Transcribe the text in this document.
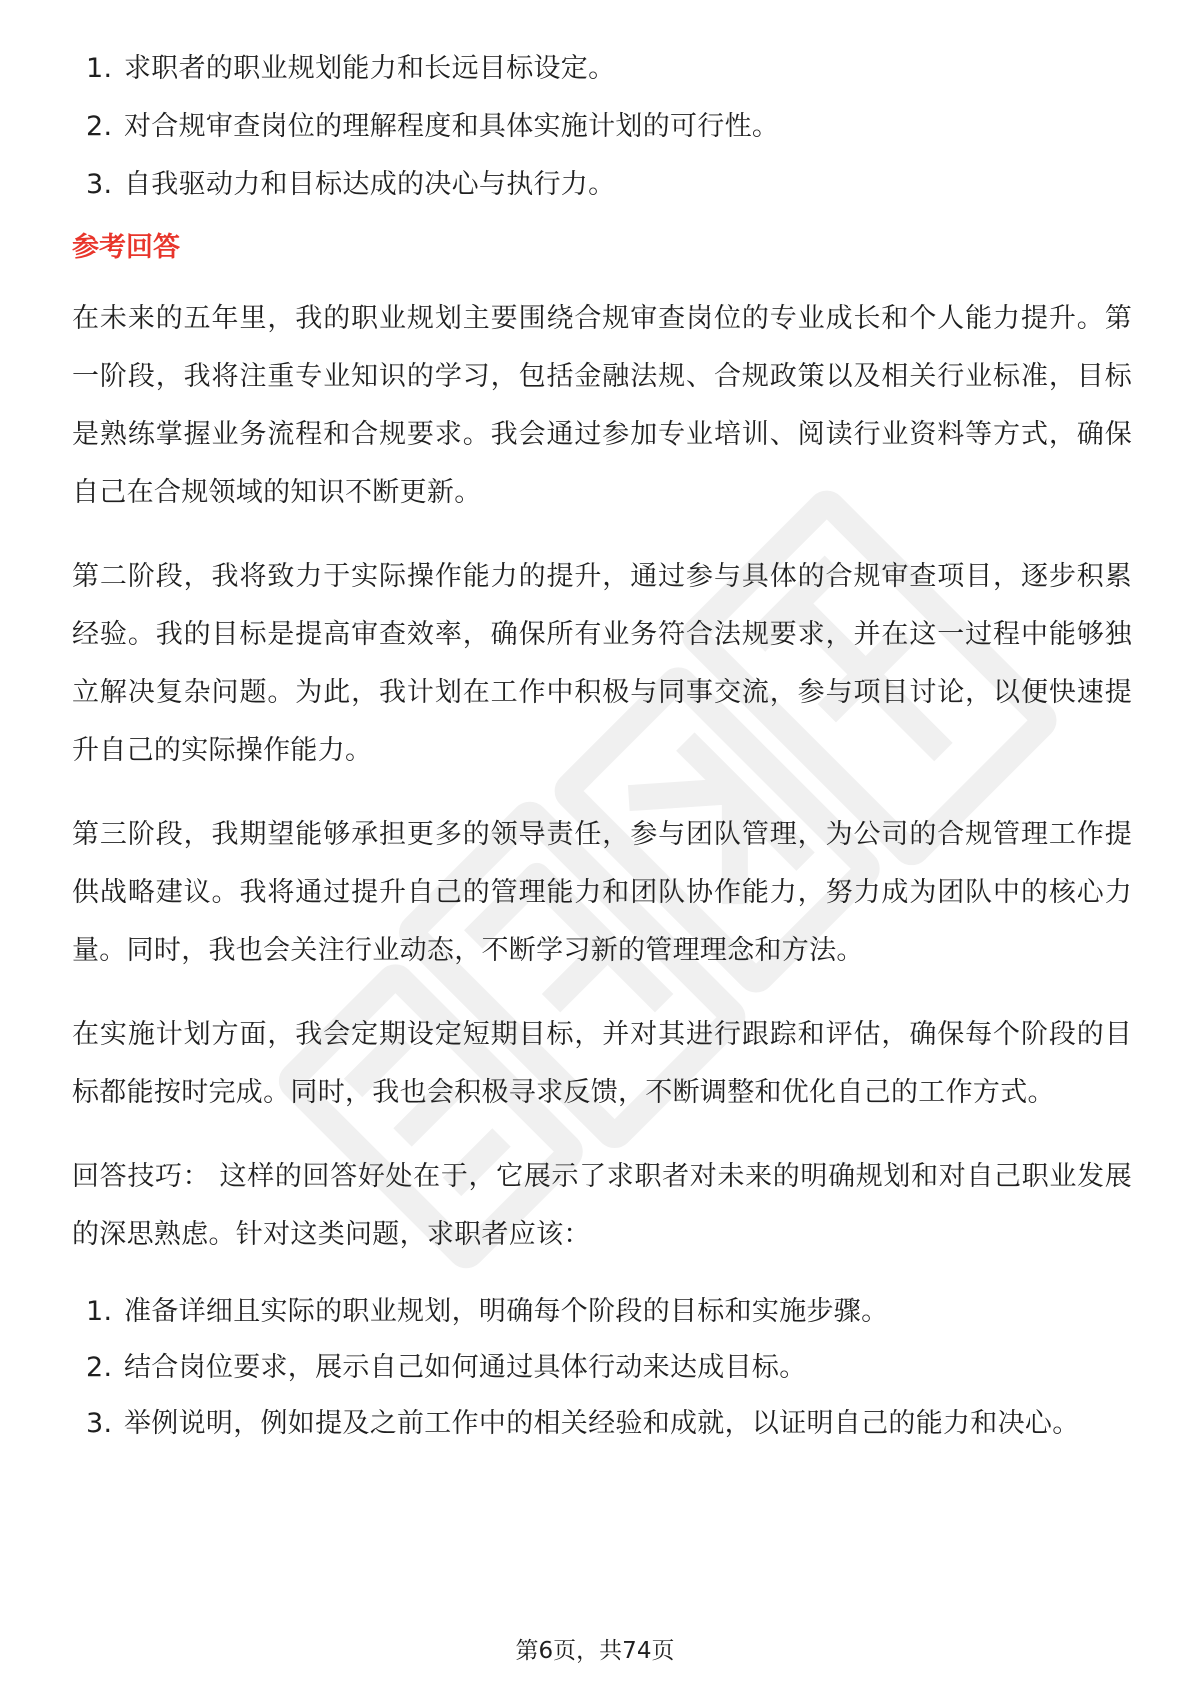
1. 求职者的职业规划能力和长远目标设定。
2. 对合规审查岗位的理解程度和具体实施计划的可行性。
3. 自我驱动力和目标达成的决心与执行力。
参考回答

在未来的五年里，我的职业规划主要围绕合规审查岗位的专业成长和个人能力提升。第一阶段，我将注重专业知识的学习，包括金融法规、合规政策以及相关行业标准，目标是熟练掌握业务流程和合规要求。我会通过参加专业培训、阅读行业资料等方式，确保自己在合规领域的知识不断更新。

第二阶段，我将致力于实际操作能力的提升，通过参与具体的合规审查项目，逐步积累经验。我的目标是提高审查效率，确保所有业务符合法规要求，并在这一过程中能够独立解决复杂问题。为此，我计划在工作中积极与同事交流，参与项目讨论，以便快速提升自己的实际操作能力。

第三阶段，我期望能够承担更多的领导责任，参与团队管理，为公司的合规管理工作提供战略建议。我将通过提升自己的管理能力和团队协作能力，努力成为团队中的核心力量。同时，我也会关注行业动态，不断学习新的管理理念和方法。

在实施计划方面，我会定期设定短期目标，并对其进行跟踪和评估，确保每个阶段的目标都能按时完成。同时，我也会积极寻求反馈，不断调整和优化自己的工作方式。

回答技巧： 这样的回答好处在于，它展示了求职者对未来的明确规划和对自己职业发展的深思熟虑。针对这类问题，求职者应该：

1. 准备详细且实际的职业规划，明确每个阶段的目标和实施步骤。
2. 结合岗位要求，展示自己如何通过具体行动来达成目标。
3. 举例说明，例如提及之前工作中的相关经验和成就，以证明自己的能力和决心。
第6页，共74页
